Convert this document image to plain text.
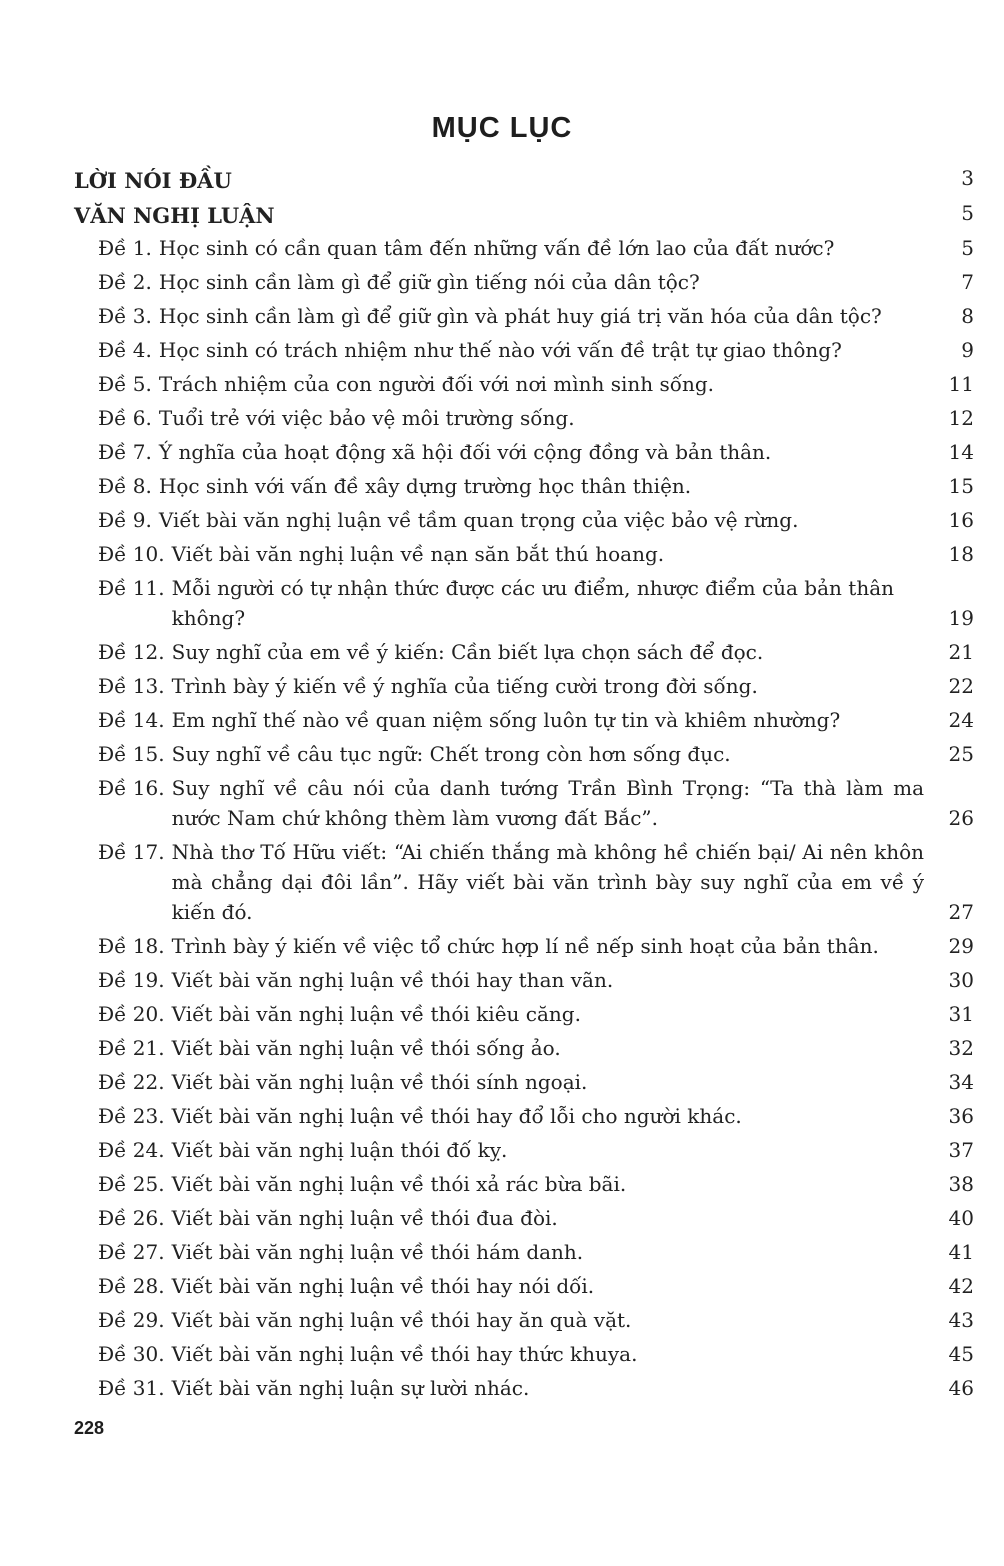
MỤC LỤC
LỜI NÓI ĐẦU	3
VĂN NGHỊ LUẬN	5
Đề 1. Học sinh có cần quan tâm đến những vấn đề lớn lao của đất nước?	5
Đề 2. Học sinh cần làm gì để giữ gìn tiếng nói của dân tộc?	7
Đề 3. Học sinh cần làm gì để giữ gìn và phát huy giá trị văn hóa của dân tộc?	8
Đề 4. Học sinh có trách nhiệm như thế nào với vấn đề trật tự giao thông?	9
Đề 5. Trách nhiệm của con người đối với nơi mình sinh sống.	11
Đề 6. Tuổi trẻ với việc bảo vệ môi trường sống.	12
Đề 7. Ý nghĩa của hoạt động xã hội đối với cộng đồng và bản thân.	14
Đề 8. Học sinh với vấn đề xây dựng trường học thân thiện.	15
Đề 9. Viết bài văn nghị luận về tầm quan trọng của việc bảo vệ rừng.	16
Đề 10. Viết bài văn nghị luận về nạn săn bắt thú hoang.	18
Đề 11. Mỗi người có tự nhận thức được các ưu điểm, nhược điểm của bản thân không?	19
Đề 12. Suy nghĩ của em về ý kiến: Cần biết lựa chọn sách để đọc.	21
Đề 13. Trình bày ý kiến về ý nghĩa của tiếng cười trong đời sống.	22
Đề 14. Em nghĩ thế nào về quan niệm sống luôn tự tin và khiêm nhường?	24
Đề 15. Suy nghĩ về câu tục ngữ: Chết trong còn hơn sống đục.	25
Đề 16. Suy nghĩ về câu nói của danh tướng Trần Bình Trọng: “Ta thà làm ma nước Nam chứ không thèm làm vương đất Bắc”.	26
Đề 17. Nhà thơ Tố Hữu viết: “Ai chiến thắng mà không hề chiến bại/ Ai nên khôn mà chẳng dại đôi lần”. Hãy viết bài văn trình bày suy nghĩ của em về ý kiến đó.	27
Đề 18. Trình bày ý kiến về việc tổ chức hợp lí nề nếp sinh hoạt của bản thân.	29
Đề 19. Viết bài văn nghị luận về thói hay than vãn.	30
Đề 20. Viết bài văn nghị luận về thói kiêu căng.	31
Đề 21. Viết bài văn nghị luận về thói sống ảo.	32
Đề 22. Viết bài văn nghị luận về thói sính ngoại.	34
Đề 23. Viết bài văn nghị luận về thói hay đổ lỗi cho người khác.	36
Đề 24. Viết bài văn nghị luận thói đố kỵ.	37
Đề 25. Viết bài văn nghị luận về thói xả rác bừa bãi.	38
Đề 26. Viết bài văn nghị luận về thói đua đòi.	40
Đề 27. Viết bài văn nghị luận về thói hám danh.	41
Đề 28. Viết bài văn nghị luận về thói hay nói dối.	42
Đề 29. Viết bài văn nghị luận về thói hay ăn quà vặt.	43
Đề 30. Viết bài văn nghị luận về thói hay thức khuya.	45
Đề 31. Viết bài văn nghị luận sự lười nhác.	46
228
